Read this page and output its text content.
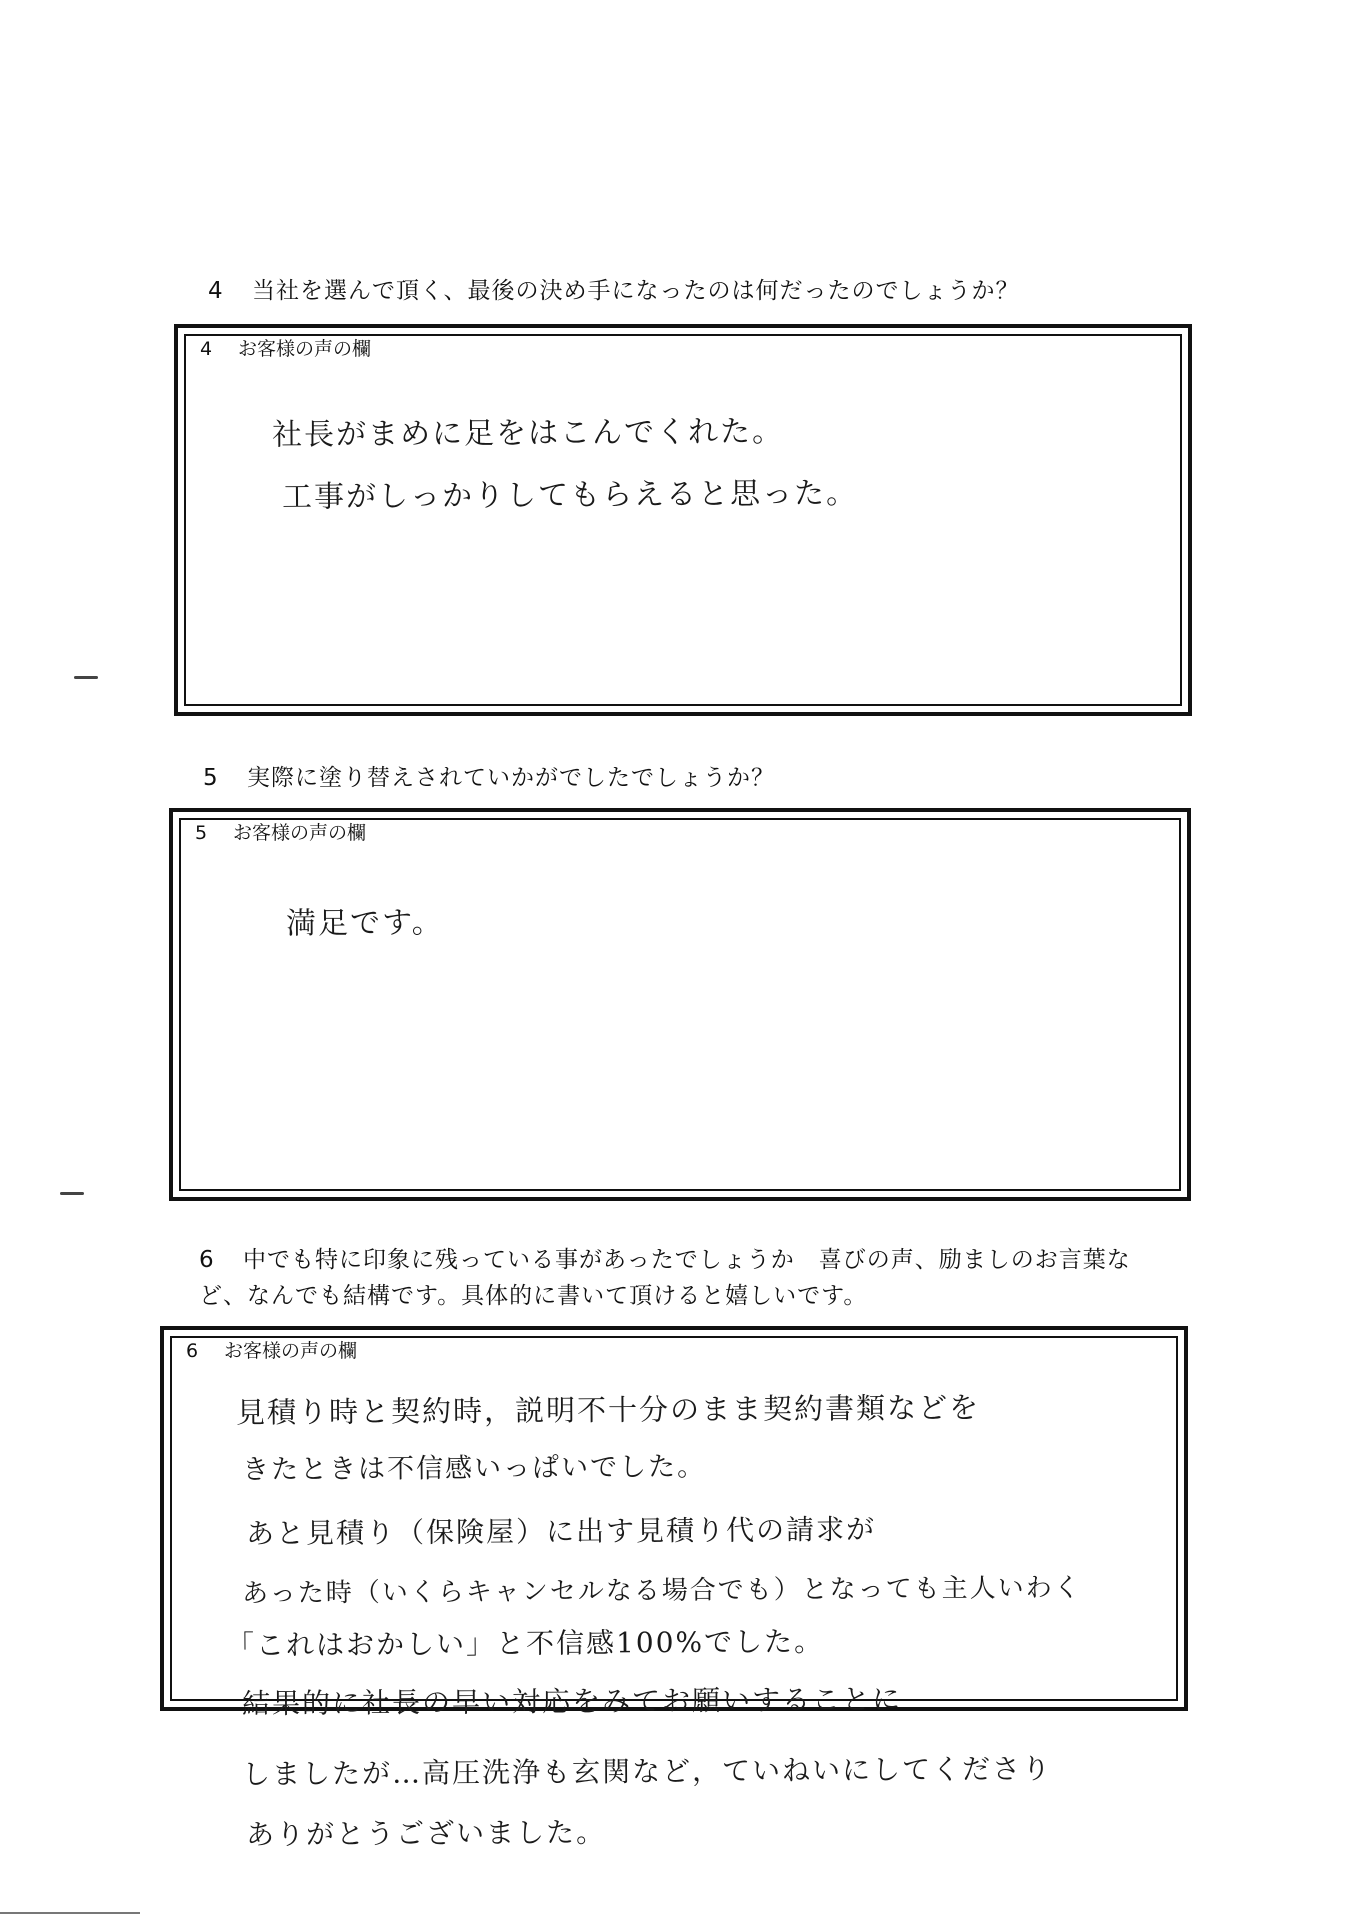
4 当社を選んで頂く、最後の決め手になったのは何だったのでしょうか？
4 お客様の声の欄
社長がまめに足をはこんでくれた。
工事がしっかりしてもらえると思った。
5 実際に塗り替えされていかがでしたでしょうか？
5 お客様の声の欄
満足です。
6 中でも特に印象に残っている事があったでしょうか　喜びの声、励ましのお言葉な
ど、なんでも結構です。具体的に書いて頂けると嬉しいです。
6 お客様の声の欄
見積り時と契約時，説明不十分のまま契約書類などを
きたときは不信感いっぱいでした。
あと見積り（保険屋）に出す見積り代の請求が
あった時（いくらキャンセルなる場合でも）となっても主人いわく
「これはおかしい」と不信感100%でした。
結果的に社長の早い対応をみてお願いすることに
しましたが…高圧洗浄も玄関など，ていねいにしてくださり
ありがとうございました。
